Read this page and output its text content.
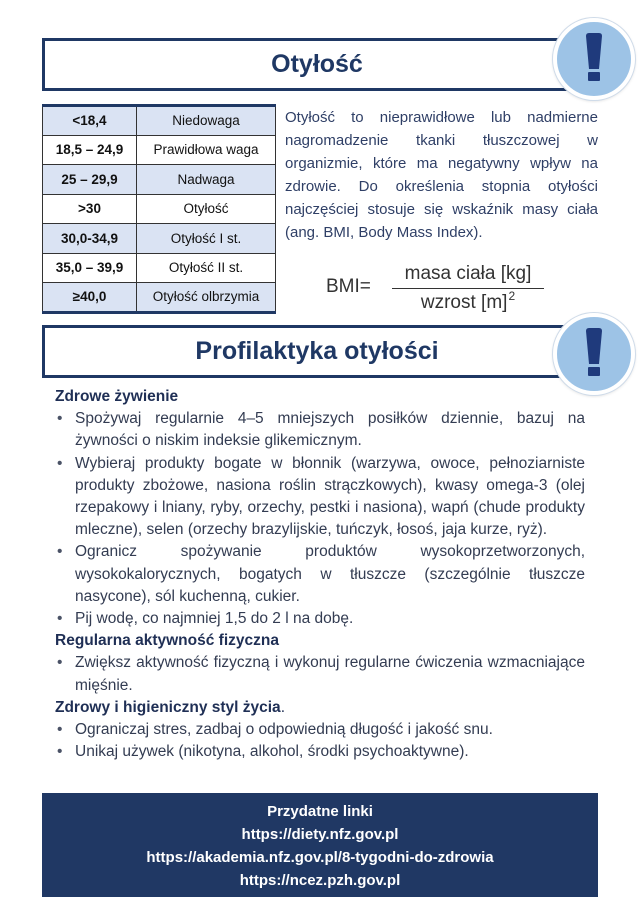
Otyłość
<18,4	Niedowaga
18,5 – 24,9	Prawidłowa waga
25 – 29,9	Nadwaga
>30	Otyłość
30,0-34,9	Otyłość I st.
35,0 – 39,9	Otyłość II st.
≥40,0	Otyłość olbrzymia

Otyłość to nieprawidłowe lub nadmierne nagromadzenie tkanki tłuszczowej w organizmie, które ma negatywny wpływ na zdrowie. Do określenia stopnia otyłości najczęściej stosuje się wskaźnik masy ciała (ang. BMI, Body Mass Index).

BMI=
masa ciała [kg]
wzrost $[m]^2$
Profilaktyka otyłości
Zdrowe żywienie
• Spożywaj regularnie 4–5 mniejszych posiłków dziennie, bazuj na żywności o niskim indeksie glikemicznym.
• Wybieraj produkty bogate w błonnik (warzywa, owoce, pełnoziarniste produkty zbożowe, nasiona roślin strączkowych), kwasy omega-3 (olej rzepakowy i lniany, ryby, orzechy, pestki i nasiona), wapń (chude produkty mleczne), selen (orzechy brazylijskie, tuńczyk, łosoś, jaja kurze, ryż).
• Ogranicz spożywanie produktów wysokoprzetworzonych, wysokokalorycznych, bogatych w tłuszcze (szczególnie tłuszcze nasycone), sól kuchenną, cukier.
• Pij wodę, co najmniej 1,5 do 2 l na dobę.
Regularna aktywność fizyczna
• Zwiększ aktywność fizyczną i wykonuj regularne ćwiczenia wzmacniające mięśnie.
Zdrowy i higieniczny styl życia.
• Ograniczaj stres, zadbaj o odpowiednią długość i jakość snu.
• Unikaj używek (nikotyna, alkohol, środki psychoaktywne).
Przydatne linki
https://diety.nfz.gov.pl
https://akademia.nfz.gov.pl/8-tygodni-do-zdrowia
https://ncez.pzh.gov.pl
